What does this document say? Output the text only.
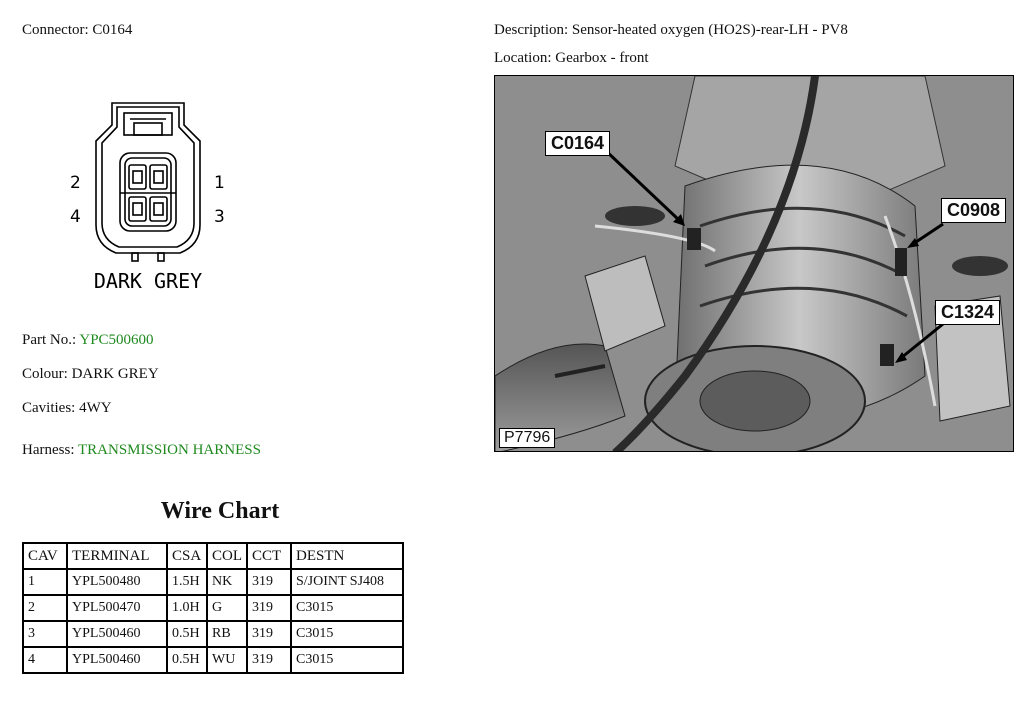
Connector: C0164	Description: Sensor-heated oxygen (HO2S)-rear-LH - PV8
Location: Gearbox - front
2	1
4	3
DARK GREY
Part No.: YPC500600
Colour: DARK GREY
Cavities: 4WY
Harness: TRANSMISSION HARNESS
C0164
C0908
C1324
P7796
Wire Chart
CAV	TERMINAL	CSA	COL	CCT	DESTN
1	YPL500480	1.5H	NK	319	S/JOINT SJ408
2	YPL500470	1.0H	G	319	C3015
3	YPL500460	0.5H	RB	319	C3015
4	YPL500460	0.5H	WU	319	C3015
